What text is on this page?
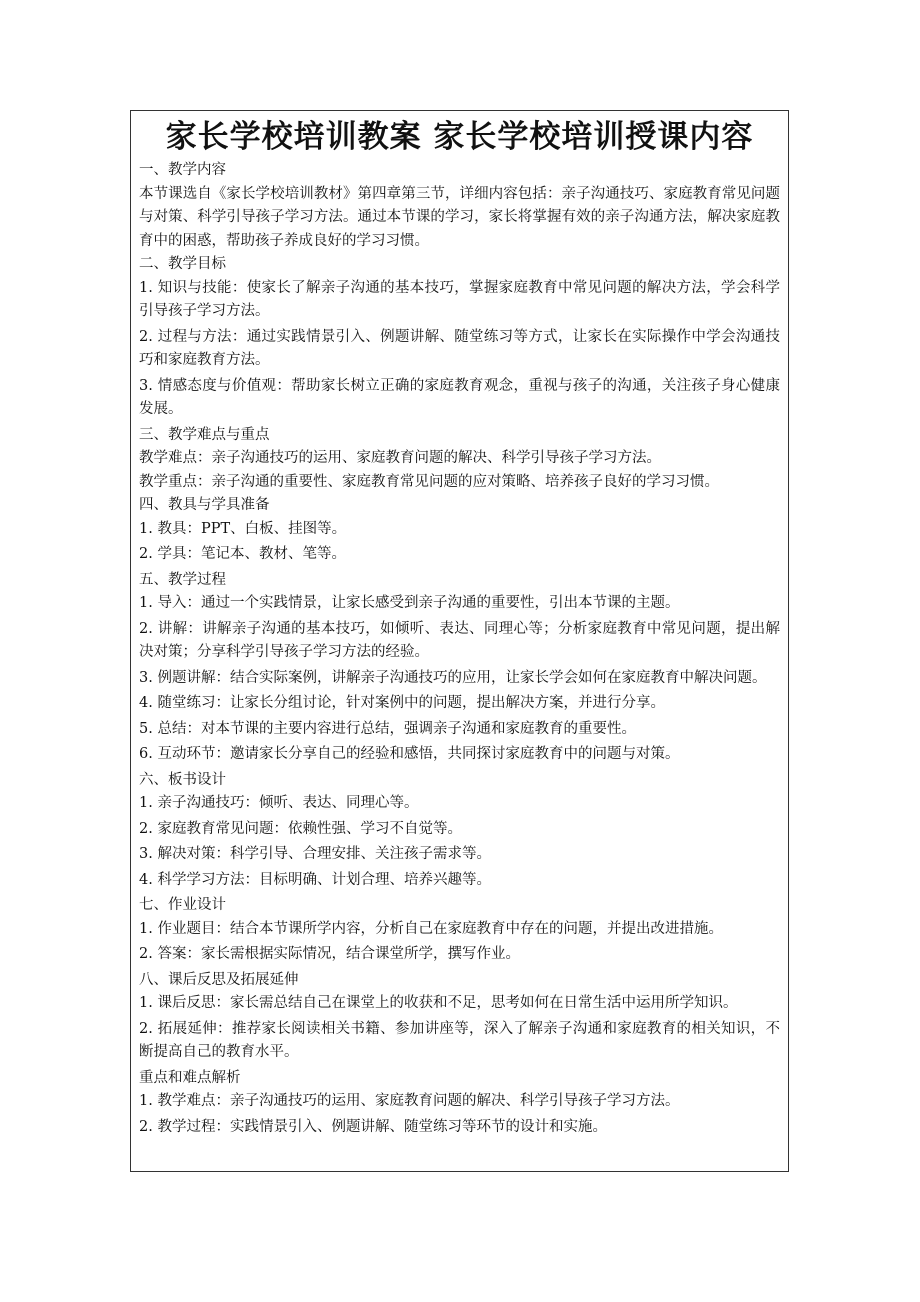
家长学校培训教案 家长学校培训授课内容
一、教学内容
本节课选自《家长学校培训教材》第四章第三节，详细内容包括：亲子沟通技巧、家庭教育常见问题与对策、科学引导孩子学习方法。通过本节课的学习，家长将掌握有效的亲子沟通方法，解决家庭教育中的困惑，帮助孩子养成良好的学习习惯。
二、教学目标
1. 知识与技能：使家长了解亲子沟通的基本技巧，掌握家庭教育中常见问题的解决方法，学会科学引导孩子学习方法。
2. 过程与方法：通过实践情景引入、例题讲解、随堂练习等方式，让家长在实际操作中学会沟通技巧和家庭教育方法。
3. 情感态度与价值观：帮助家长树立正确的家庭教育观念，重视与孩子的沟通，关注孩子身心健康发展。
三、教学难点与重点
教学难点：亲子沟通技巧的运用、家庭教育问题的解决、科学引导孩子学习方法。
教学重点：亲子沟通的重要性、家庭教育常见问题的应对策略、培养孩子良好的学习习惯。
四、教具与学具准备
1. 教具：PPT、白板、挂图等。
2. 学具：笔记本、教材、笔等。
五、教学过程
1. 导入：通过一个实践情景，让家长感受到亲子沟通的重要性，引出本节课的主题。
2. 讲解：讲解亲子沟通的基本技巧，如倾听、表达、同理心等；分析家庭教育中常见问题，提出解决对策；分享科学引导孩子学习方法的经验。
3. 例题讲解：结合实际案例，讲解亲子沟通技巧的应用，让家长学会如何在家庭教育中解决问题。
4. 随堂练习：让家长分组讨论，针对案例中的问题，提出解决方案，并进行分享。
5. 总结：对本节课的主要内容进行总结，强调亲子沟通和家庭教育的重要性。
6. 互动环节：邀请家长分享自己的经验和感悟，共同探讨家庭教育中的问题与对策。
六、板书设计
1. 亲子沟通技巧：倾听、表达、同理心等。
2. 家庭教育常见问题：依赖性强、学习不自觉等。
3. 解决对策：科学引导、合理安排、关注孩子需求等。
4. 科学学习方法：目标明确、计划合理、培养兴趣等。
七、作业设计
1. 作业题目：结合本节课所学内容，分析自己在家庭教育中存在的问题，并提出改进措施。
2. 答案：家长需根据实际情况，结合课堂所学，撰写作业。
八、课后反思及拓展延伸
1. 课后反思：家长需总结自己在课堂上的收获和不足，思考如何在日常生活中运用所学知识。
2. 拓展延伸：推荐家长阅读相关书籍、参加讲座等，深入了解亲子沟通和家庭教育的相关知识，不断提高自己的教育水平。
重点和难点解析
1. 教学难点：亲子沟通技巧的运用、家庭教育问题的解决、科学引导孩子学习方法。
2. 教学过程：实践情景引入、例题讲解、随堂练习等环节的设计和实施。
